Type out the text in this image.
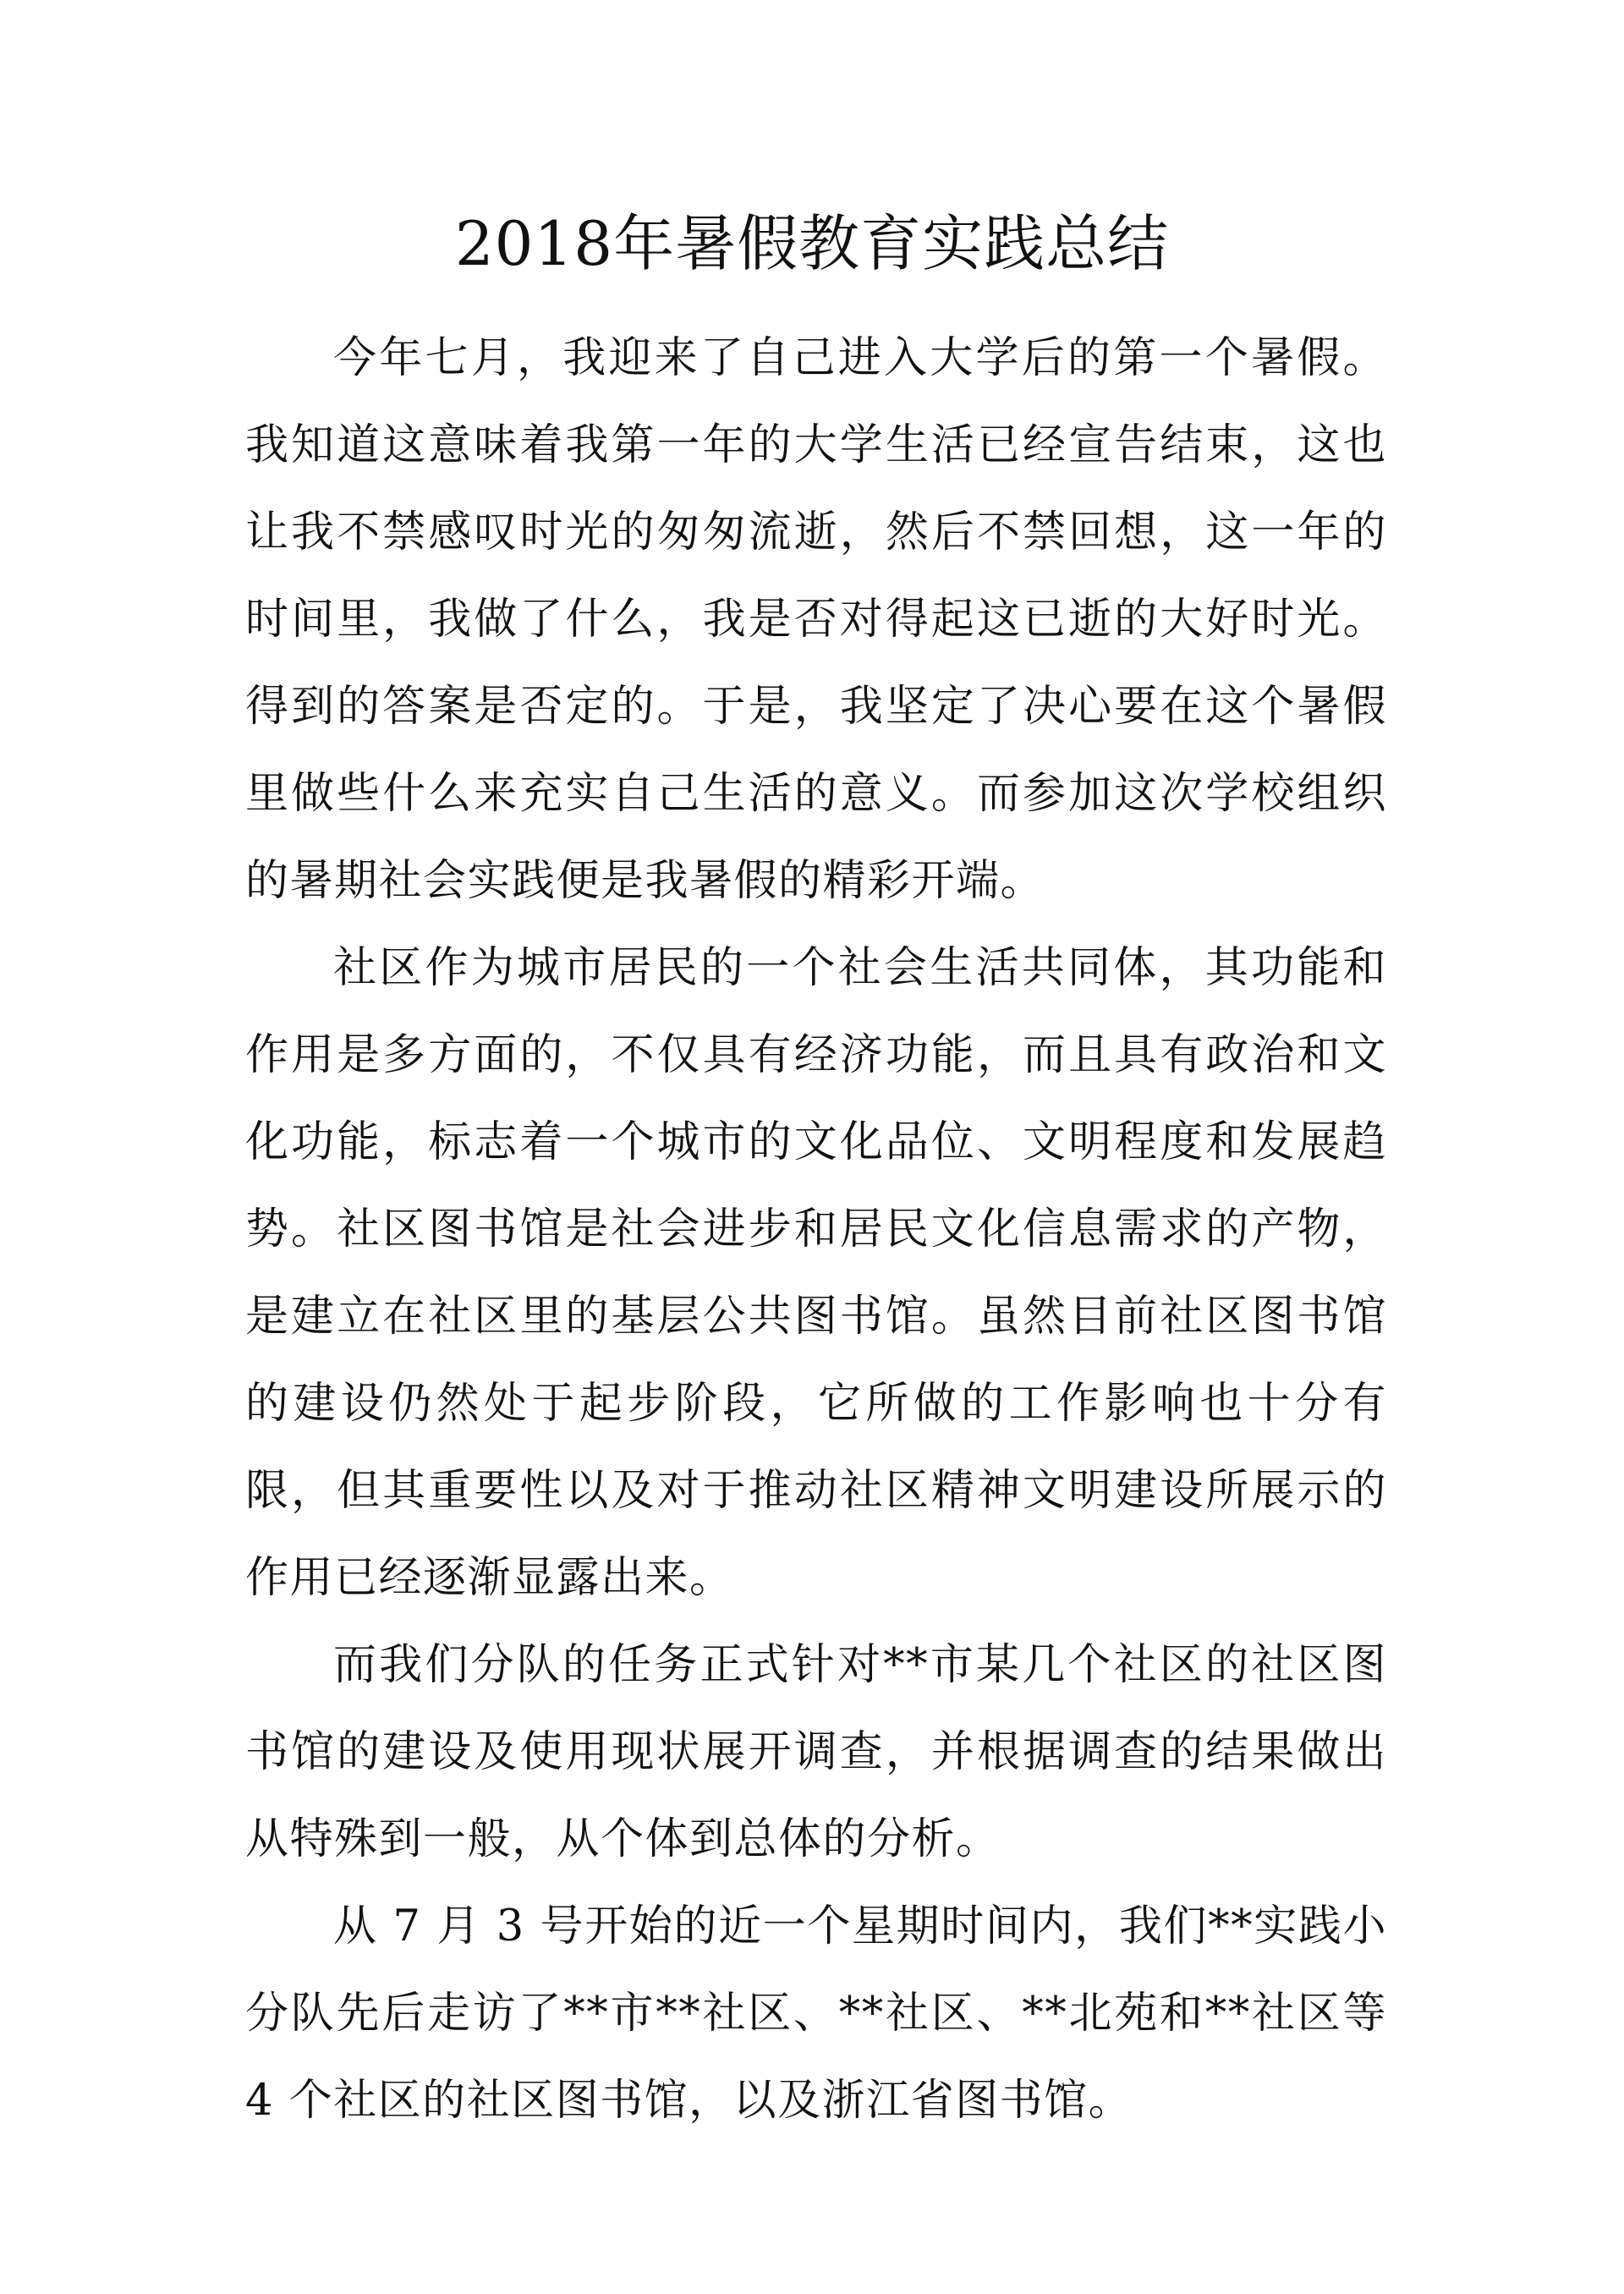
2018年暑假教育实践总结

今年七月，我迎来了自己进入大学后的第一个暑假。我知道这意味着我第一年的大学生活已经宣告结束，这也让我不禁感叹时光的匆匆流逝，然后不禁回想，这一年的时间里，我做了什么，我是否对得起这已逝的大好时光。得到的答案是否定的。于是，我坚定了决心要在这个暑假里做些什么来充实自己生活的意义。而参加这次学校组织的暑期社会实践便是我暑假的精彩开端。

社区作为城市居民的一个社会生活共同体，其功能和作用是多方面的，不仅具有经济功能，而且具有政治和文化功能，标志着一个城市的文化品位、文明程度和发展趋势。社区图书馆是社会进步和居民文化信息需求的产物，是建立在社区里的基层公共图书馆。虽然目前社区图书馆的建设仍然处于起步阶段，它所做的工作影响也十分有限，但其重要性以及对于推动社区精神文明建设所展示的作用已经逐渐显露出来。

而我们分队的任务正式针对**市某几个社区的社区图书馆的建设及使用现状展开调查，并根据调查的结果做出从特殊到一般，从个体到总体的分析。

从 7 月 3 号开始的近一个星期时间内，我们**实践小分队先后走访了**市**社区、**社区、**北苑和**社区等 4 个社区的社区图书馆，以及浙江省图书馆。
